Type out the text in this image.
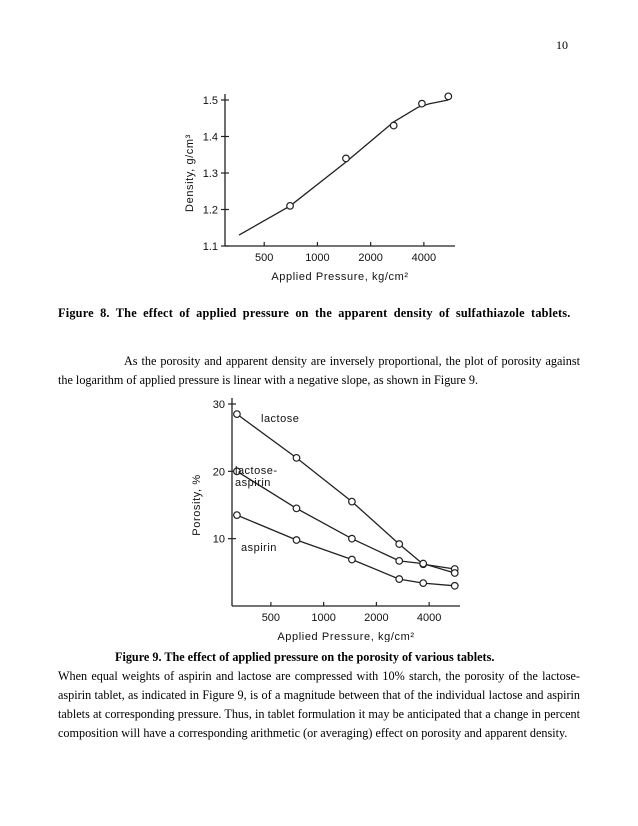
10
1.1
1.2
1.3
1.4
1.5
500	1000	2000	4000
Applied Pressure, kg/cm²
Density, g/cm³
Figure 8. The effect of applied pressure on the apparent density of sulfathiazole tablets.
As the porosity and apparent density are inversely proportional, the plot of porosity against the logarithm of applied pressure is linear with a negative slope, as shown in Figure 9.
10
20
30
500	1000	2000	4000
Applied Pressure, kg/cm²
Porosity, %
lactose
lactose-
aspirin
aspirin
Figure 9. The effect of applied pressure on the porosity of various tablets.
When equal weights of aspirin and lactose are compressed with 10% starch, the porosity of the lactose-aspirin tablet, as indicated in Figure 9, is of a magnitude between that of the individual lactose and aspirin tablets at corresponding pressure. Thus, in tablet formulation it may be anticipated that a change in percent composition will have a corresponding arithmetic (or averaging) effect on porosity and apparent density.
